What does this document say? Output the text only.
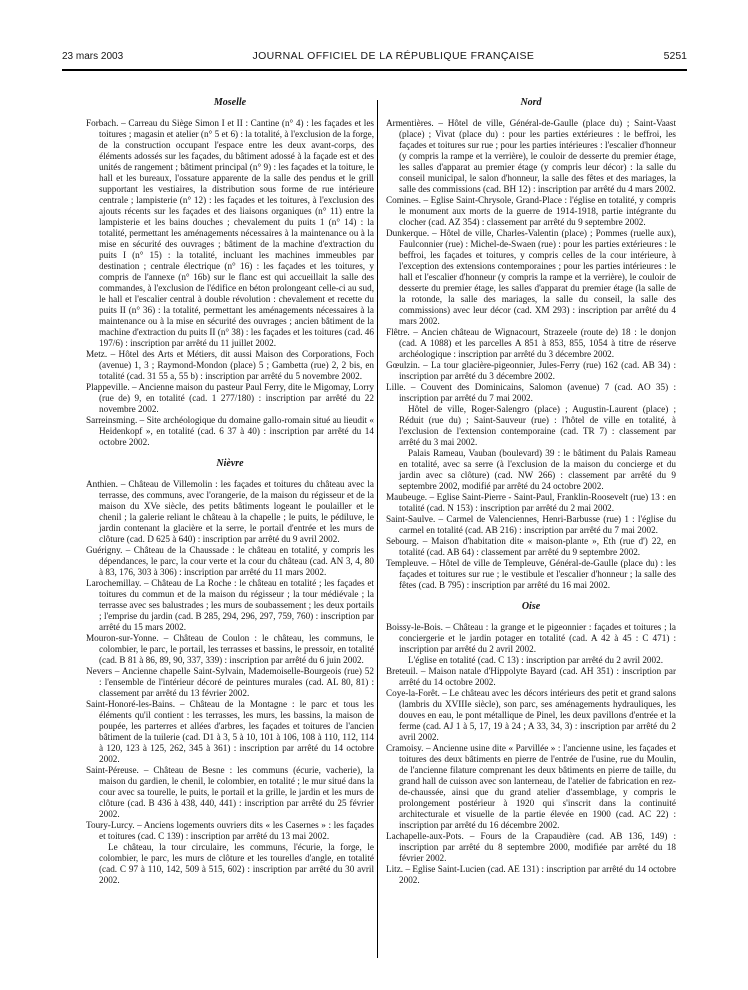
23 mars 2003	JOURNAL OFFICIEL DE LA RÉPUBLIQUE FRANÇAISE	5251
Moselle

Forbach. – Carreau du Siège Simon I et II : Cantine (n° 4) : les façades et les toitures ; magasin et atelier (n° 5 et 6) : la totalité, à l'exclusion de la forge, de la construction occupant l'espace entre les deux avant-corps, des éléments adossés sur les façades, du bâtiment adossé à la façade est et des unités de rangement ; bâtiment principal (n° 9) : les façades et la toiture, le hall et les bureaux, l'ossature apparente de la salle des pendus et le grill supportant les vestiaires, la distribution sous forme de rue intérieure centrale ; lampisterie (n° 12) : les façades et les toitures, à l'exclusion des ajouts récents sur les façades et des liaisons organiques (n° 11) entre la lampisterie et les bains douches ; chevalement du puits 1 (n° 14) : la totalité, permettant les aménagements nécessaires à la maintenance ou à la mise en sécurité des ouvrages ; bâtiment de la machine d'extraction du puits I (n° 15) : la totalité, incluant les machines immeubles par destination ; centrale électrique (n° 16) : les façades et les toitures, y compris de l'annexe (n° 16b) sur le flanc est qui accueillait la salle des commandes, à l'exclusion de l'édifice en béton prolongeant celle-ci au sud, le hall et l'escalier central à double révolution : chevalement et recette du puits II (n° 36) : la totalité, permettant les aménagements nécessaires à la maintenance ou à la mise en sécurité des ouvrages ; ancien bâtiment de la machine d'extraction du puits II (n° 38) : les façades et les toitures (cad. 46 197/6) : inscription par arrêté du 11 juillet 2002.

Metz. – Hôtel des Arts et Métiers, dit aussi Maison des Corporations, Foch (avenue) 1, 3 ; Raymond-Mondon (place) 5 ; Gambetta (rue) 2, 2 bis, en totalité (cad. 31 55 a, 55 b) : inscription par arrêté du 5 novembre 2002.

Plappeville. – Ancienne maison du pasteur Paul Ferry, dite le Migomay, Lorry (rue de) 9, en totalité (cad. 1 277/180) : inscription par arrêté du 22 novembre 2002.

Sarreinsming. – Site archéologique du domaine gallo-romain situé au lieudit « Heidenkopf », en totalité (cad. 6 37 à 40) : inscription par arrêté du 14 octobre 2002.

Nièvre

Anthien. – Château de Villemolin : les façades et toitures du château avec la terrasse, des communs, avec l'orangerie, de la maison du régisseur et de la maison du XVe siècle, des petits bâtiments logeant le poulailler et le chenil ; la galerie reliant le château à la chapelle ; le puits, le pédiluve, le jardin contenant la glacière et la serre, le portail d'entrée et les murs de clôture (cad. D 625 à 640) : inscription par arrêté du 9 avril 2002.

Guérigny. – Château de la Chaussade : le château en totalité, y compris les dépendances, le parc, la cour verte et la cour du château (cad. AN 3, 4, 80 à 83, 176, 303 à 306) : inscription par arrêté du 11 mars 2002.

Larochemillay. – Château de La Roche : le château en totalité ; les façades et toitures du commun et de la maison du régisseur ; la tour médiévale ; la terrasse avec ses balustrades ; les murs de soubassement ; les deux portails ; l'emprise du jardin (cad. B 285, 294, 296, 297, 759, 760) : inscription par arrêté du 15 mars 2002.

Mouron-sur-Yonne. – Château de Coulon : le château, les communs, le colombier, le parc, le portail, les terrasses et bassins, le pressoir, en totalité (cad. B 81 à 86, 89, 90, 337, 339) : inscription par arrêté du 6 juin 2002.

Nevers – Ancienne chapelle Saint-Sylvain, Mademoiselle-Bourgeois (rue) 52 : l'ensemble de l'intérieur décoré de peintures murales (cad. AL 80, 81) : classement par arrêté du 13 février 2002.

Saint-Honoré-les-Bains. – Château de la Montagne : le parc et tous les éléments qu'il contient : les terrasses, les murs, les bassins, la maison de poupée, les parterres et allées d'arbres, les façades et toitures de l'ancien bâtiment de la tuilerie (cad. D1 à 3, 5 à 10, 101 à 106, 108 à 110, 112, 114 à 120, 123 à 125, 262, 345 à 361) : inscription par arrêté du 14 octobre 2002.

Saint-Péreuse. – Château de Besne : les communs (écurie, vacherie), la maison du gardien, le chenil, le colombier, en totalité ; le mur situé dans la cour avec sa tourelle, le puits, le portail et la grille, le jardin et les murs de clôture (cad. B 436 à 438, 440, 441) : inscription par arrêté du 25 février 2002.

Toury-Lurcy. – Anciens logements ouvriers dits « les Casernes » : les façades et toitures (cad. C 139) : inscription par arrêté du 13 mai 2002.

Le château, la tour circulaire, les communs, l'écurie, la forge, le colombier, le parc, les murs de clôture et les tourelles d'angle, en totalité (cad. C 97 à 110, 142, 509 à 515, 602) : inscription par arrêté du 30 avril 2002.

Nord

Armentières. – Hôtel de ville, Général-de-Gaulle (place du) ; Saint-Vaast (place) ; Vivat (place du) : pour les parties extérieures : le beffroi, les façades et toitures sur rue ; pour les parties intérieures : l'escalier d'honneur (y compris la rampe et la verrière), le couloir de desserte du premier étage, les salles d'apparat au premier étage (y compris leur décor) : la salle du conseil municipal, le salon d'honneur, la salle des fêtes et des mariages, la salle des commissions (cad. BH 12) : inscription par arrêté du 4 mars 2002.

Comines. – Eglise Saint-Chrysole, Grand-Place : l'église en totalité, y compris le monument aux morts de la guerre de 1914-1918, partie intégrante du clocher (cad. AZ 354) : classement par arrêté du 9 septembre 2002.

Dunkerque. – Hôtel de ville, Charles-Valentin (place) ; Pommes (ruelle aux), Faulconnier (rue) : Michel-de-Swaen (rue) : pour les parties extérieures : le beffroi, les façades et toitures, y compris celles de la cour intérieure, à l'exception des extensions contemporaines ; pour les parties intérieures : le hall et l'escalier d'honneur (y compris la rampe et la verrière), le couloir de desserte du premier étage, les salles d'apparat du premier étage (la salle de la rotonde, la salle des mariages, la salle du conseil, la salle des commissions) avec leur décor (cad. XM 293) : inscription par arrêté du 4 mars 2002.

Flêtre. – Ancien château de Wignacourt, Strazeele (route de) 18 : le donjon (cad. A 1088) et les parcelles A 851 à 853, 855, 1054 à titre de réserve archéologique : inscription par arrêté du 3 décembre 2002.

Gœulzin. – La tour glacière-pigeonnier, Jules-Ferry (rue) 162 (cad. AB 34) : inscription par arrêté du 3 décembre 2002.

Lille. – Couvent des Dominicains, Salomon (avenue) 7 (cad. AO 35) : inscription par arrêté du 7 mai 2002.

Hôtel de ville, Roger-Salengro (place) ; Augustin-Laurent (place) ; Réduit (rue du) ; Saint-Sauveur (rue) : l'hôtel de ville en totalité, à l'exclusion de l'extension contemporaine (cad. TR 7) : classement par arrêté du 3 mai 2002.

Palais Rameau, Vauban (boulevard) 39 : le bâtiment du Palais Rameau en totalité, avec sa serre (à l'exclusion de la maison du concierge et du jardin avec sa clôture) (cad. NW 266) : classement par arrêté du 9 septembre 2002, modifié par arrêté du 24 octobre 2002.

Maubeuge. – Eglise Saint-Pierre - Saint-Paul, Franklin-Roosevelt (rue) 13 : en totalité (cad. N 153) : inscription par arrêté du 2 mai 2002.

Saint-Saulve. – Carmel de Valenciennes, Henri-Barbusse (rue) 1 : l'église du carmel en totalité (cad. AB 216) : inscription par arrêté du 7 mai 2002.

Sebourg. – Maison d'habitation dite « maison-plante », Eth (rue d') 22, en totalité (cad. AB 64) : classement par arrêté du 9 septembre 2002.

Templeuve. – Hôtel de ville de Templeuve, Général-de-Gaulle (place du) : les façades et toitures sur rue ; le vestibule et l'escalier d'honneur ; la salle des fêtes (cad. B 795) : inscription par arrêté du 16 mai 2002.

Oise

Boissy-le-Bois. – Château : la grange et le pigeonnier : façades et toitures ; la conciergerie et le jardin potager en totalité (cad. A 42 à 45 : C 471) : inscription par arrêté du 2 avril 2002.

L'église en totalité (cad. C 13) : inscription par arrêté du 2 avril 2002.

Breteuil. – Maison natale d'Hippolyte Bayard (cad. AH 351) : inscription par arrêté du 14 octobre 2002.

Coye-la-Forêt. – Le château avec les décors intérieurs des petit et grand salons (lambris du XVIIIe siècle), son parc, ses aménagements hydrauliques, les douves en eau, le pont métallique de Pinel, les deux pavillons d'entrée et la ferme (cad. AJ 1 à 5, 17, 19 à 24 ; A 33, 34, 3) : inscription par arrêté du 2 avril 2002.

Cramoisy. – Ancienne usine dite « Parvillée » : l'ancienne usine, les façades et toitures des deux bâtiments en pierre de l'entrée de l'usine, rue du Moulin, de l'ancienne filature comprenant les deux bâtiments en pierre de taille, du grand hall de cuisson avec son lanterneau, de l'atelier de fabrication en rez-de-chaussée, ainsi que du grand atelier d'assemblage, y compris le prolongement postérieur à 1920 qui s'inscrit dans la continuité architecturale et visuelle de la partie élevée en 1900 (cad. AC 22) : inscription par arrêté du 16 décembre 2002.

Lachapelle-aux-Pots. – Fours de la Crapaudière (cad. AB 136, 149) : inscription par arrêté du 8 septembre 2000, modifiée par arrêté du 18 février 2002.

Litz. – Eglise Saint-Lucien (cad. AE 131) : inscription par arrêté du 14 octobre 2002.
